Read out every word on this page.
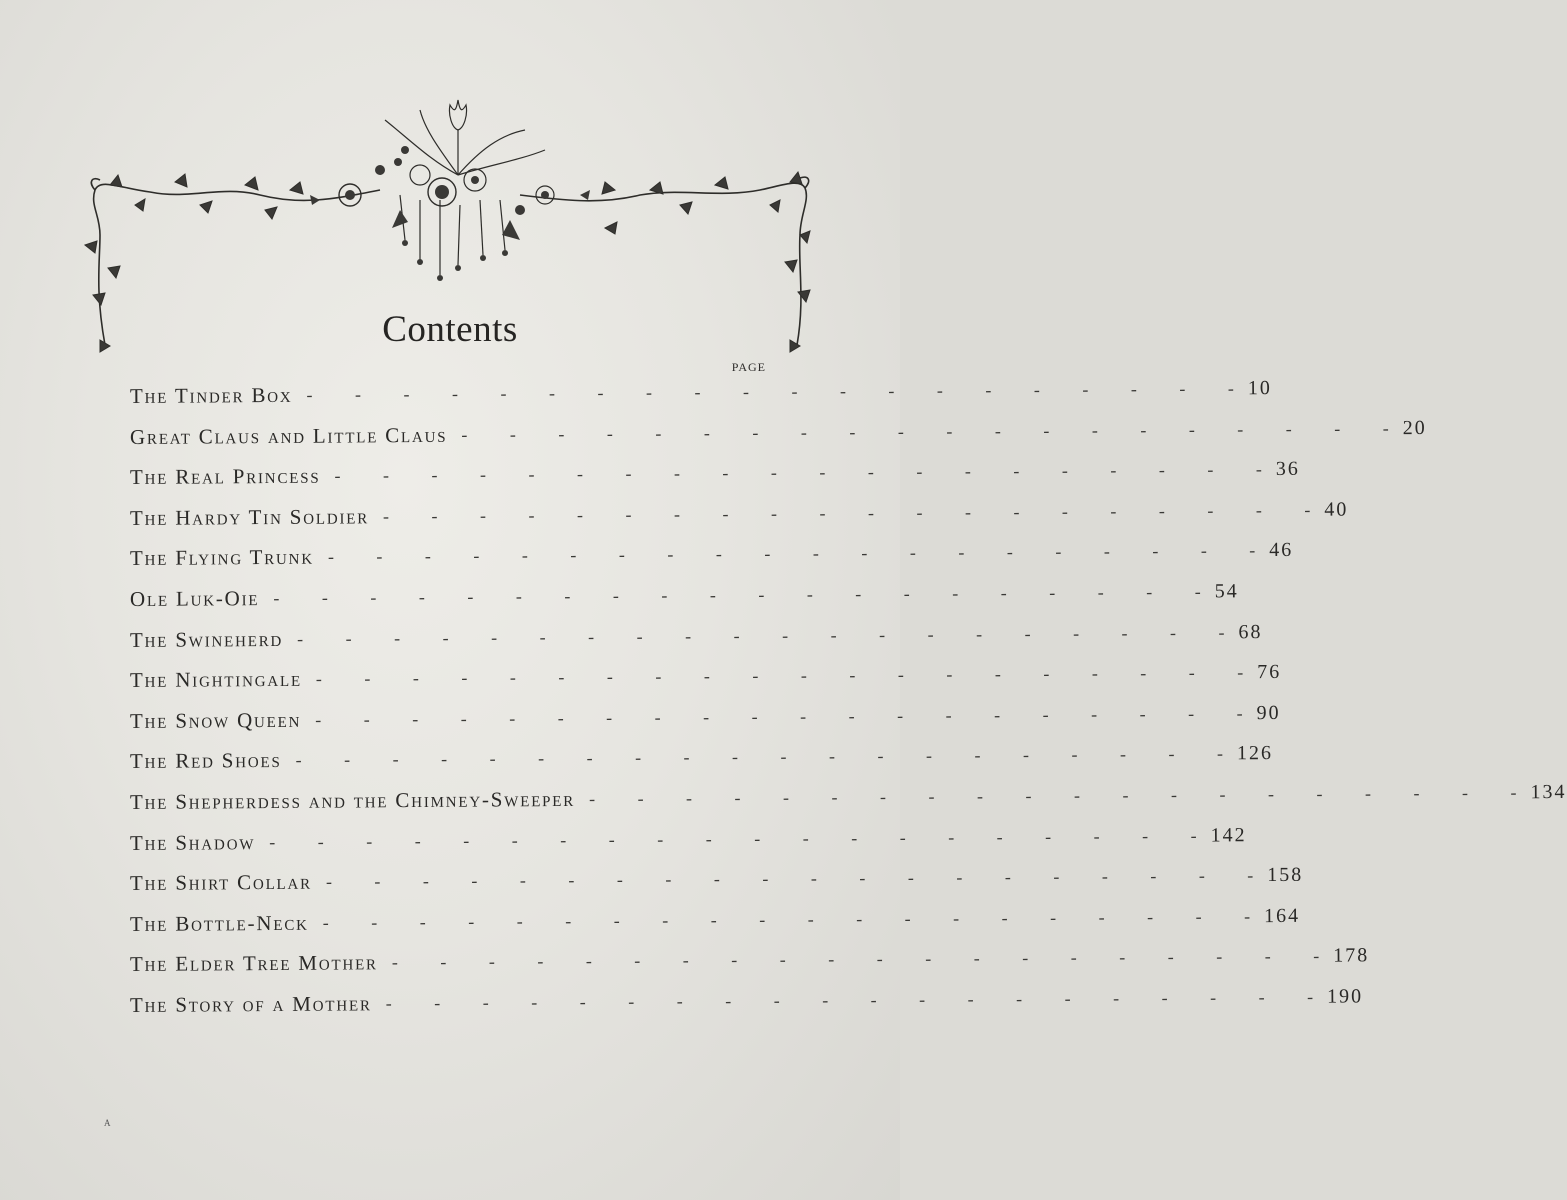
Contents
PAGE
The Tinder Box - - - - - - - - - - - - - - - - - - - - 10
Great Claus and Little Claus - - - - - - - - - - - - - - - - - - - - 20
The Real Princess - - - - - - - - - - - - - - - - - - - - 36
The Hardy Tin Soldier - - - - - - - - - - - - - - - - - - - - 40
The Flying Trunk - - - - - - - - - - - - - - - - - - - - 46
Ole Luk-Oie - - - - - - - - - - - - - - - - - - - - 54
The Swineherd - - - - - - - - - - - - - - - - - - - - 68
The Nightingale - - - - - - - - - - - - - - - - - - - - 76
The Snow Queen - - - - - - - - - - - - - - - - - - - - 90
The Red Shoes - - - - - - - - - - - - - - - - - - - - 126
The Shepherdess and the Chimney-Sweeper - - - - - - - - - - - - - - - - - - - - 134
The Shadow - - - - - - - - - - - - - - - - - - - - 142
The Shirt Collar - - - - - - - - - - - - - - - - - - - - 158
The Bottle-Neck - - - - - - - - - - - - - - - - - - - - 164
The Elder Tree Mother - - - - - - - - - - - - - - - - - - - - 178
The Story of a Mother - - - - - - - - - - - - - - - - - - - - 190
A
